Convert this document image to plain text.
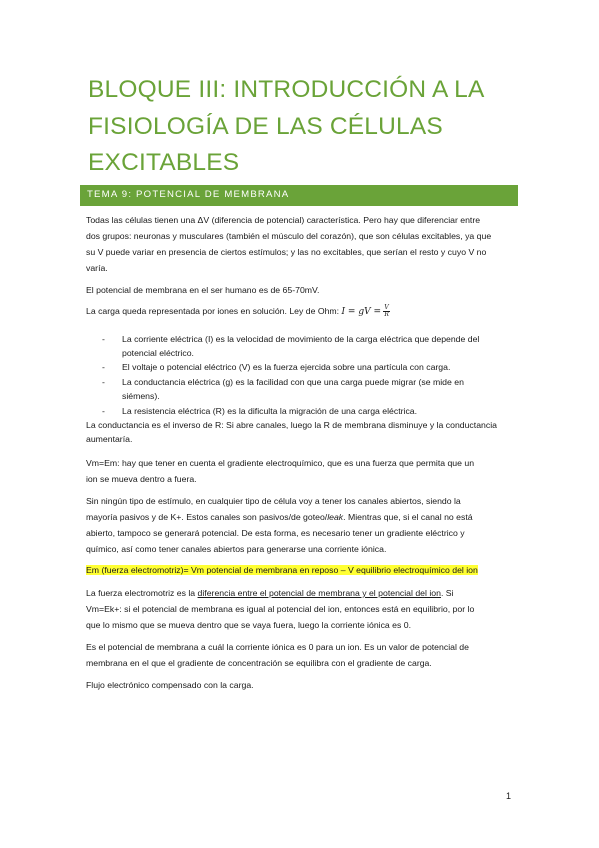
BLOQUE III: INTRODUCCIÓN A LA
FISIOLOGÍA DE LAS CÉLULAS
EXCITABLES
TEMA 9: POTENCIAL DE MEMBRANA
Todas las células tienen una ΔV (diferencia de potencial) característica. Pero hay que diferenciar entre
dos grupos: neuronas y musculares (también el músculo del corazón), que son células excitables, ya que
su V puede variar en presencia de ciertos estímulos; y las no excitables, que serían el resto y cuyo V no
varía.
El potencial de membrana en el ser humano es de 65-70mV.
La carga queda representada por iones en solución. Ley de Ohm: I = gV = $\frac{V}{R}$
- La corriente eléctrica (I) es la velocidad de movimiento de la carga eléctrica que depende del
potencial eléctrico.
- El voltaje o potencial eléctrico (V) es la fuerza ejercida sobre una partícula con carga.
- La conductancia eléctrica (g) es la facilidad con que una carga puede migrar (se mide en
siémens).
- La resistencia eléctrica (R) es la dificulta la migración de una carga eléctrica.
La conductancia es el inverso de R: Si abre canales, luego la R de membrana disminuye y la conductancia
aumentaría.
Vm=Em: hay que tener en cuenta el gradiente electroquímico, que es una fuerza que permita que un
ion se mueva dentro a fuera.
Sin ningún tipo de estímulo, en cualquier tipo de célula voy a tener los canales abiertos, siendo la
mayoría pasivos y de K+. Estos canales son pasivos/de goteo/leak. Mientras que, si el canal no está
abierto, tampoco se generará potencial. De esta forma, es necesario tener un gradiente eléctrico y
químico, así como tener canales abiertos para generarse una corriente iónica.
Em (fuerza electromotriz)= Vm potencial de membrana en reposo – V equilibrio electroquímico del ion
La fuerza electromotriz es la diferencia entre el potencial de membrana y el potencial del ion. Si
Vm=Ek+: si el potencial de membrana es igual al potencial del ion, entonces está en equilibrio, por lo
que lo mismo que se mueva dentro que se vaya fuera, luego la corriente iónica es 0.
Es el potencial de membrana a cuál la corriente iónica es 0 para un ion. Es un valor de potencial de
membrana en el que el gradiente de concentración se equilibra con el gradiente de carga.
Flujo electrónico compensado con la carga.
1
